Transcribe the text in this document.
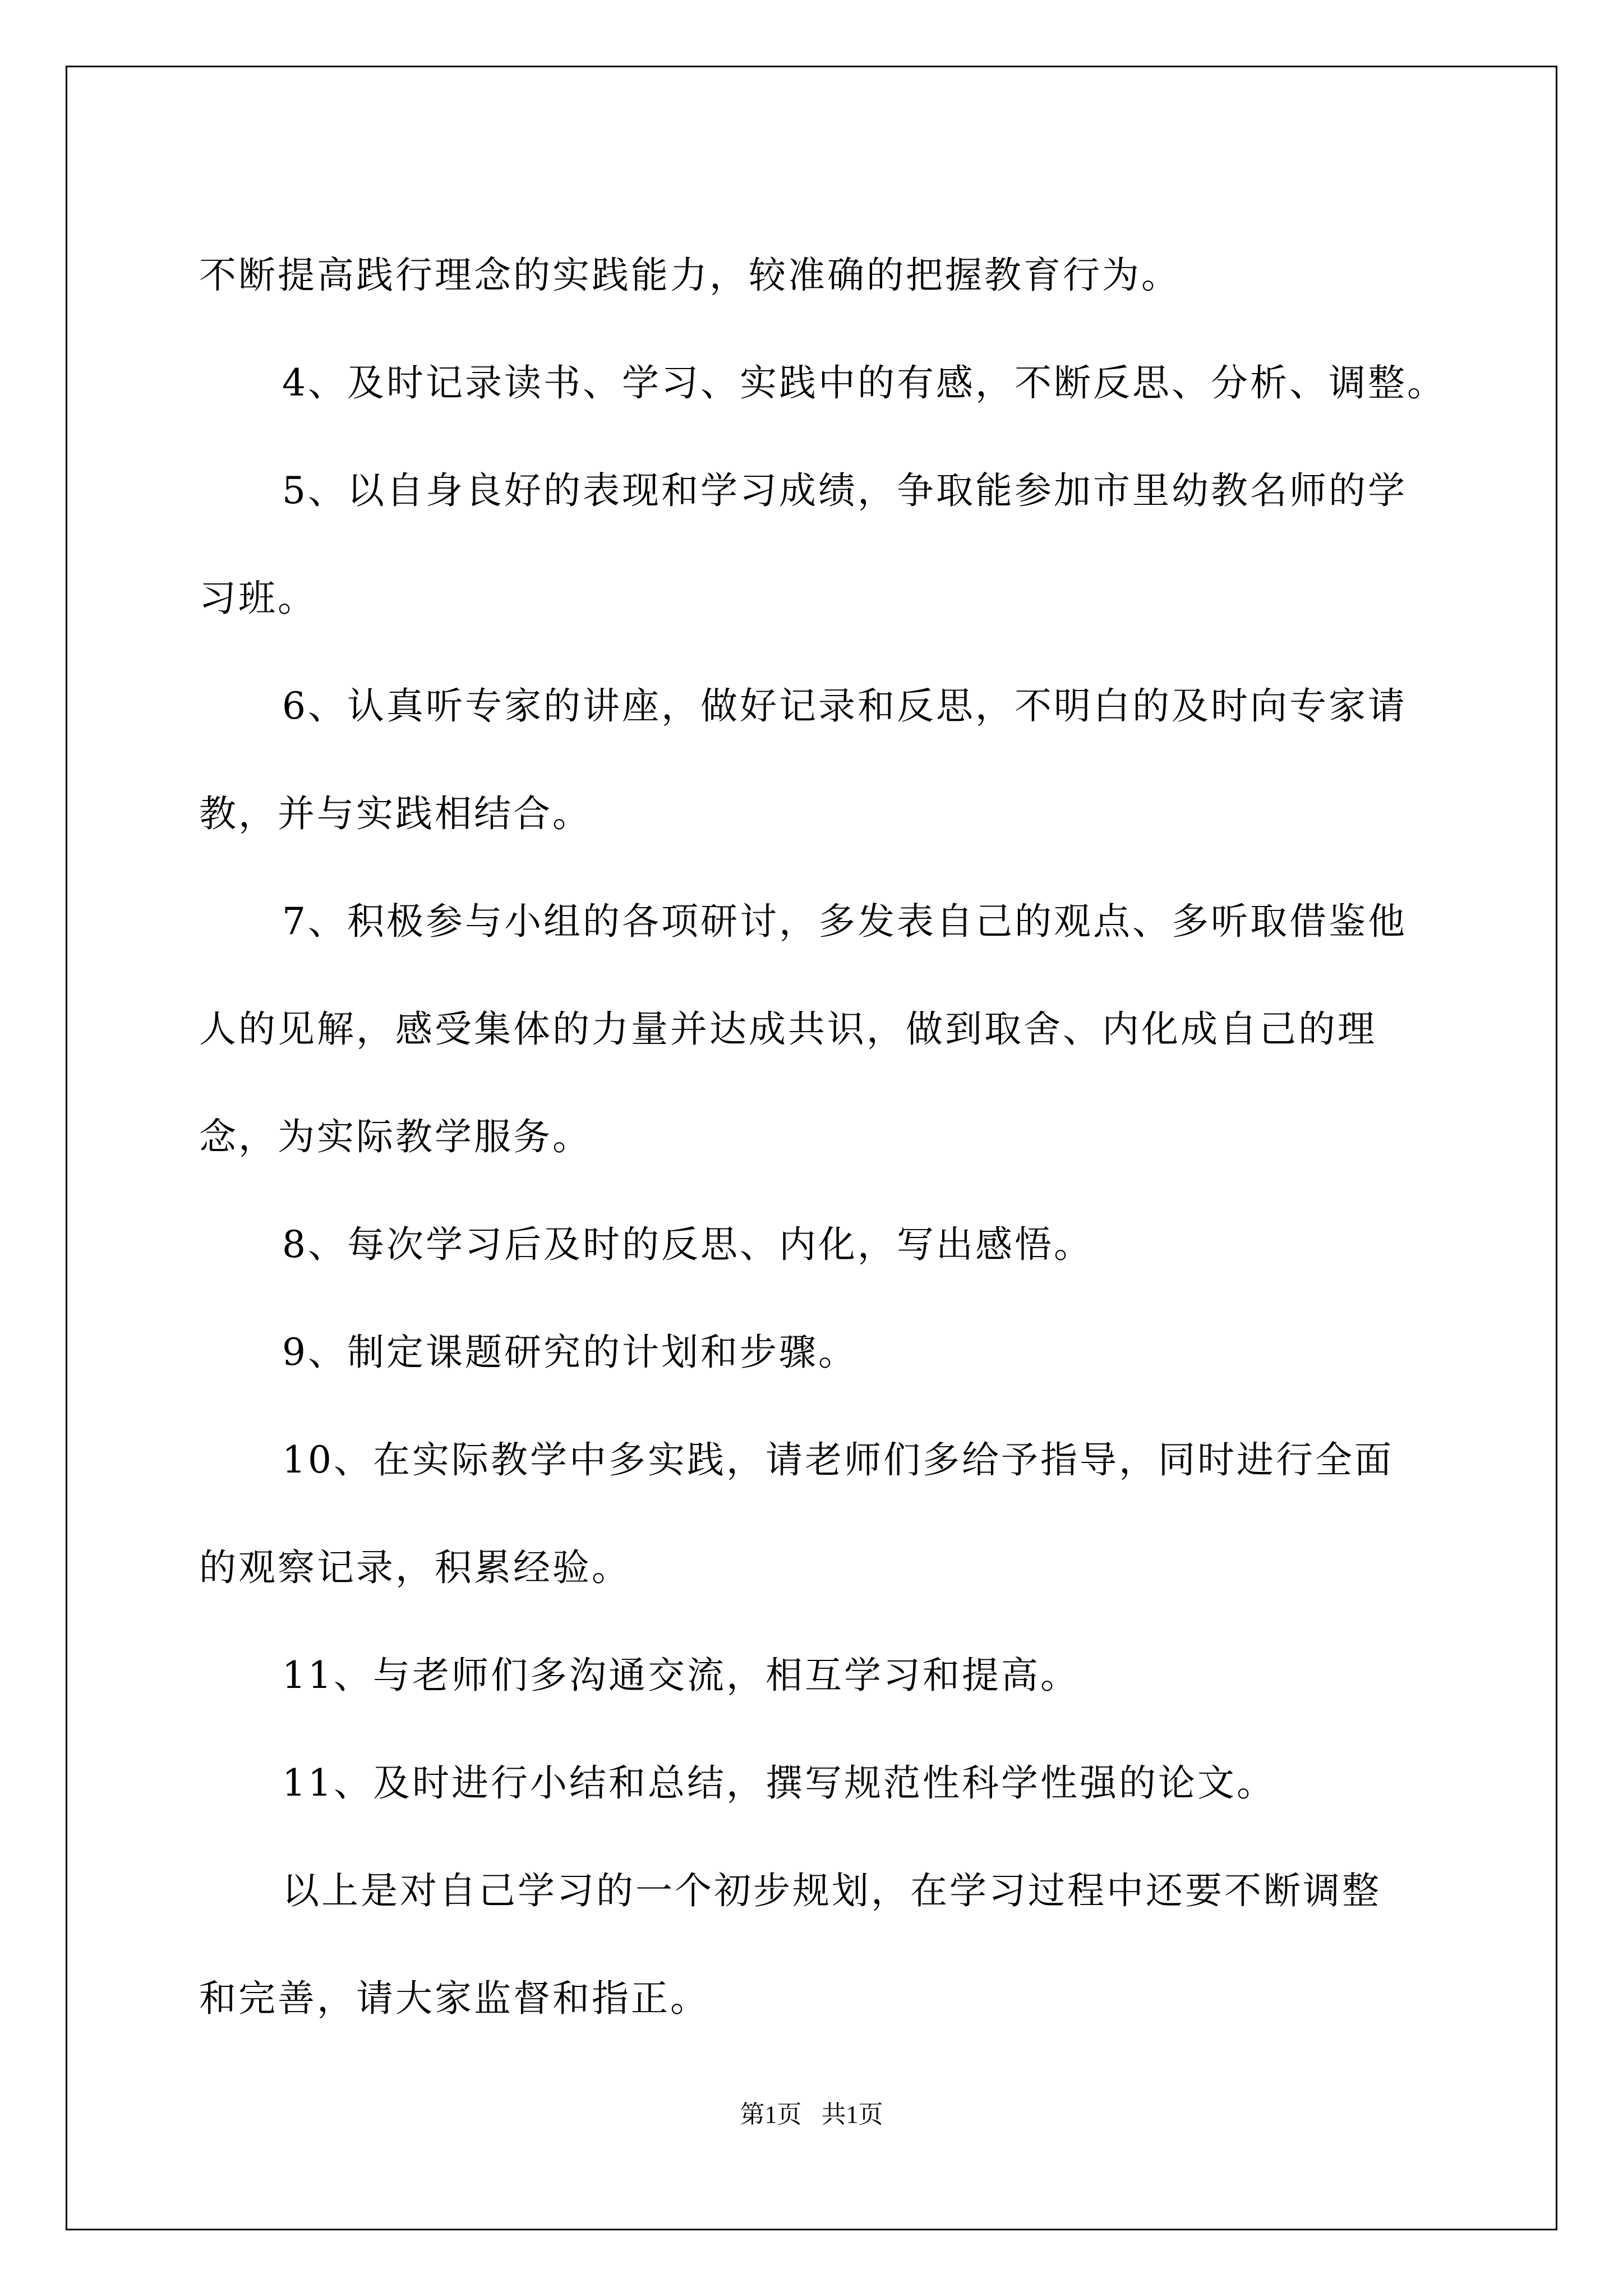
不断提高践行理念的实践能力，较准确的把握教育行为。

4、及时记录读书、学习、实践中的有感，不断反思、分析、调整。

5、以自身良好的表现和学习成绩，争取能参加市里幼教名师的学

习班。

6、认真听专家的讲座，做好记录和反思，不明白的及时向专家请

教，并与实践相结合。

7、积极参与小组的各项研讨，多发表自己的观点、多听取借鉴他

人的见解，感受集体的力量并达成共识，做到取舍、内化成自己的理

念，为实际教学服务。

8、每次学习后及时的反思、内化，写出感悟。

9、制定课题研究的计划和步骤。

10、在实际教学中多实践，请老师们多给予指导，同时进行全面

的观察记录，积累经验。

11、与老师们多沟通交流，相互学习和提高。

11、及时进行小结和总结，撰写规范性科学性强的论文。

以上是对自己学习的一个初步规划，在学习过程中还要不断调整

和完善，请大家监督和指正。

第1页 共1页
